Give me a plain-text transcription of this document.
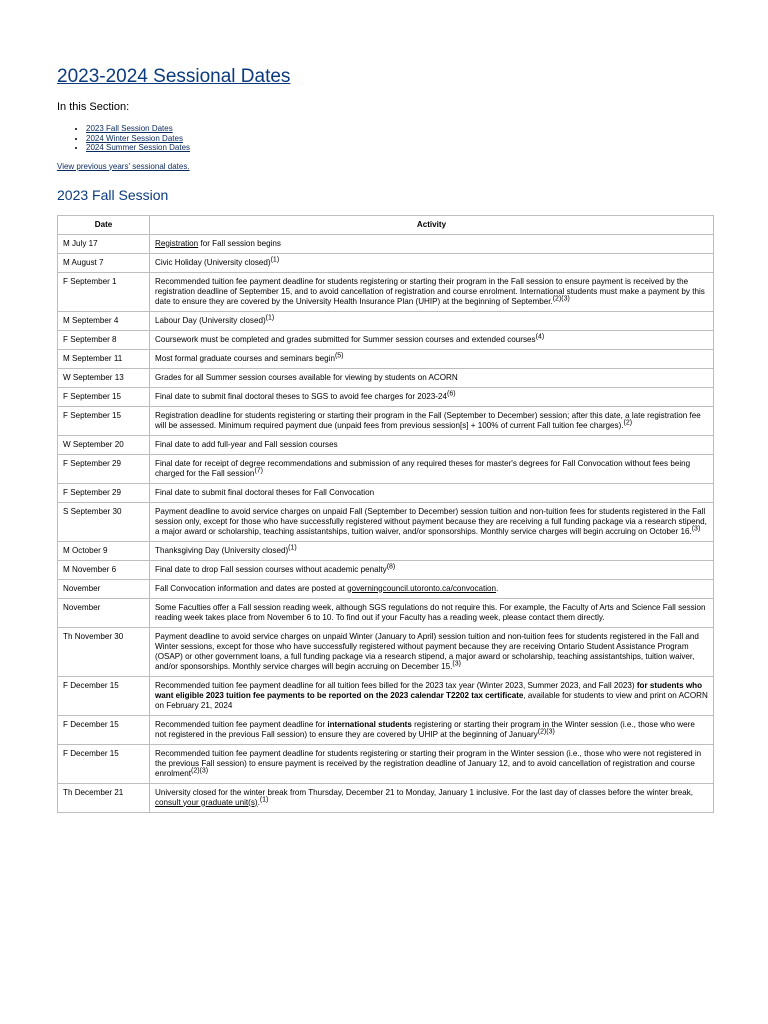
2023-2024 Sessional Dates
In this Section:
• 2023 Fall Session Dates
• 2024 Winter Session Dates
• 2024 Summer Session Dates
View previous years' sessional dates.
2023 Fall Session
Date	Activity
M July 17	Registration for Fall session begins
M August 7	Civic Holiday (University closed)$^{(1)}$
F September 1	Recommended tuition fee payment deadline for students registering or starting their program in the Fall session to ensure payment is received by the registration deadline of September 15, and to avoid cancellation of registration and course enrolment. International students must make a payment by this date to ensure they are covered by the University Health Insurance Plan (UHIP) at the beginning of September.$^{(2)(3)}$
M September 4	Labour Day (University closed)$^{(1)}$
F September 8	Coursework must be completed and grades submitted for Summer session courses and extended courses$^{(4)}$
M September 11	Most formal graduate courses and seminars begin$^{(5)}$
W September 13	Grades for all Summer session courses available for viewing by students on ACORN
F September 15	Final date to submit final doctoral theses to SGS to avoid fee charges for 2023-24$^{(6)}$
F September 15	Registration deadline for students registering or starting their program in the Fall (September to December) session; after this date, a late registration fee will be assessed. Minimum required payment due (unpaid fees from previous session[s] + 100% of current Fall tuition fee charges).$^{(2)}$
W September 20	Final date to add full-year and Fall session courses
F September 29	Final date for receipt of degree recommendations and submission of any required theses for master's degrees for Fall Convocation without fees being charged for the Fall session$^{(7)}$
F September 29	Final date to submit final doctoral theses for Fall Convocation
S September 30	Payment deadline to avoid service charges on unpaid Fall (September to December) session tuition and non-tuition fees for students registered in the Fall session only, except for those who have successfully registered without payment because they are receiving a full funding package via a research stipend, a major award or scholarship, teaching assistantships, tuition waiver, and/or sponsorships. Monthly service charges will begin accruing on October 16.$^{(3)}$
M October 9	Thanksgiving Day (University closed)$^{(1)}$
M November 6	Final date to drop Fall session courses without academic penalty$^{(8)}$
November	Fall Convocation information and dates are posted at governingcouncil.utoronto.ca/convocation.
November	Some Faculties offer a Fall session reading week, although SGS regulations do not require this. For example, the Faculty of Arts and Science Fall session reading week takes place from November 6 to 10. To find out if your Faculty has a reading week, please contact them directly.
Th November 30	Payment deadline to avoid service charges on unpaid Winter (January to April) session tuition and non-tuition fees for students registered in the Fall and Winter sessions, except for those who have successfully registered without payment because they are receiving Ontario Student Assistance Program (OSAP) or other government loans, a full funding package via a research stipend, a major award or scholarship, teaching assistantships, tuition waiver, and/or sponsorships. Monthly service charges will begin accruing on December 15.$^{(3)}$
F December 15	Recommended tuition fee payment deadline for all tuition fees billed for the 2023 tax year (Winter 2023, Summer 2023, and Fall 2023) for students who want eligible 2023 tuition fee payments to be reported on the 2023 calendar T2202 tax certificate, available for students to view and print on ACORN on February 21, 2024
F December 15	Recommended tuition fee payment deadline for international students registering or starting their program in the Winter session (i.e., those who were not registered in the previous Fall session) to ensure they are covered by UHIP at the beginning of January$^{(2)(3)}$
F December 15	Recommended tuition fee payment deadline for students registering or starting their program in the Winter session (i.e., those who were not registered in the previous Fall session) to ensure payment is received by the registration deadline of January 12, and to avoid cancellation of registration and course enrolment$^{(2)(3)}$
Th December 21	University closed for the winter break from Thursday, December 21 to Monday, January 1 inclusive. For the last day of classes before the winter break, consult your graduate unit(s).$^{(1)}$
